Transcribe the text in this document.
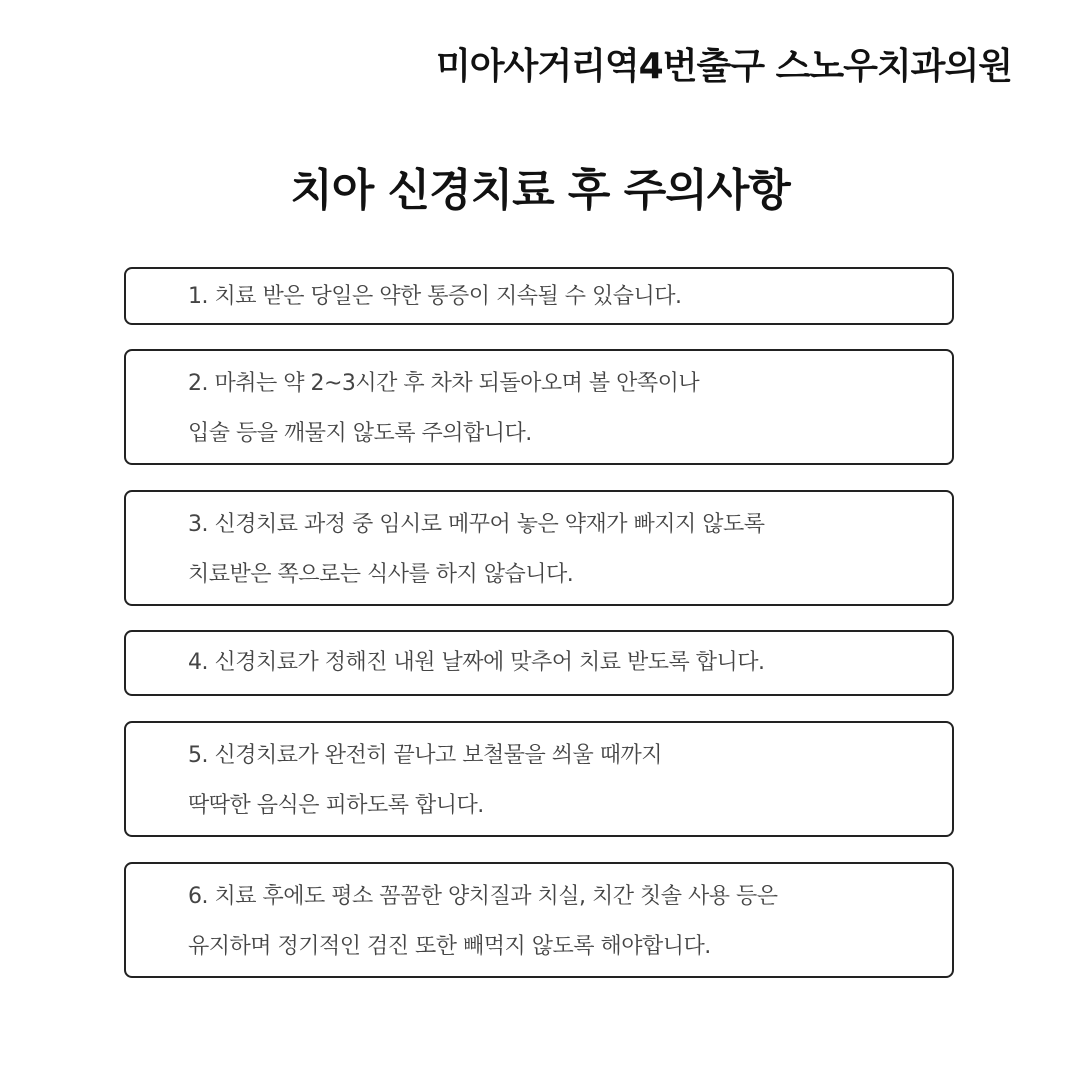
미아사거리역4번출구 스노우치과의원
치아 신경치료 후 주의사항
1. 치료 받은 당일은 약한 통증이 지속될 수 있습니다.
2. 마취는 약 2~3시간 후 차차 되돌아오며 볼 안쪽이나
입술 등을 깨물지 않도록 주의합니다.
3. 신경치료 과정 중 임시로 메꾸어 놓은 약재가 빠지지 않도록
치료받은 쪽으로는 식사를 하지 않습니다.
4. 신경치료가 정해진 내원 날짜에 맞추어 치료 받도록 합니다.
5. 신경치료가 완전히 끝나고 보철물을 씌울 때까지
딱딱한 음식은 피하도록 합니다.
6. 치료 후에도 평소 꼼꼼한 양치질과 치실, 치간 칫솔 사용 등은
유지하며 정기적인 검진 또한 빼먹지 않도록 해야합니다.
